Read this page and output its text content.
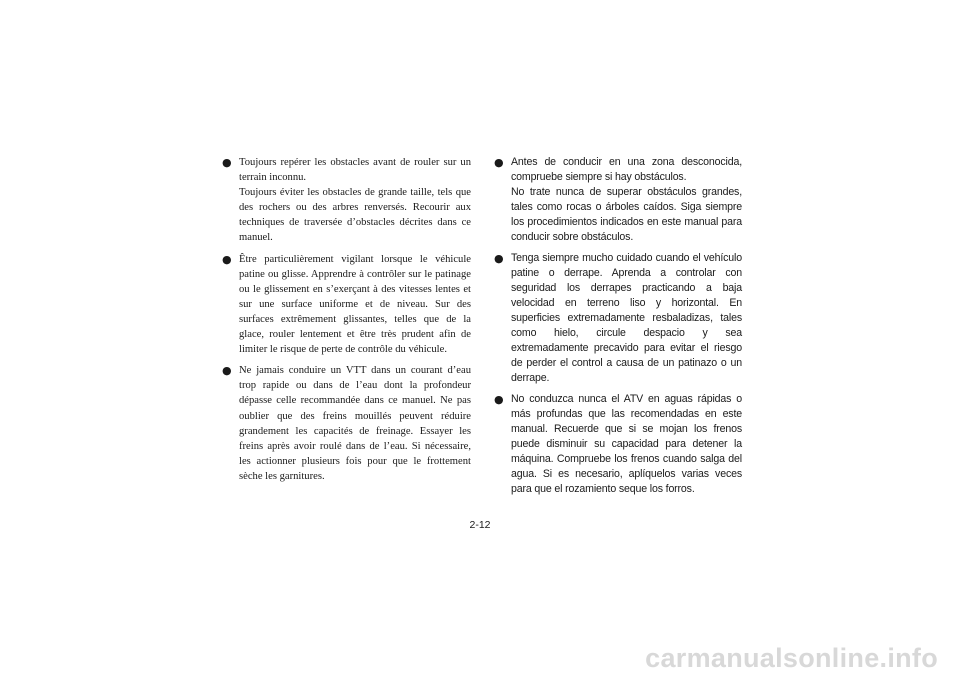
● Toujours repérer les obstacles avant de rouler sur un terrain inconnu.
Toujours éviter les obstacles de grande taille, tels que des rochers ou des arbres renversés. Recourir aux techniques de traversée d’obstacles décrites dans ce manuel.
● Être particulièrement vigilant lorsque le véhicule patine ou glisse. Apprendre à contrôler sur le patinage ou le glissement en s’exerçant à des vitesses lentes et sur une surface uniforme et de niveau. Sur des surfaces extrêmement glissantes, telles que de la glace, rouler lentement et être très prudent afin de limiter le risque de perte de contrôle du véhicule.
● Ne jamais conduire un VTT dans un courant d’eau trop rapide ou dans de l’eau dont la profondeur dépasse celle recommandée dans ce manuel. Ne pas oublier que des freins mouillés peuvent réduire grandement les capacités de freinage. Essayer les freins après avoir roulé dans de l’eau. Si nécessaire, les actionner plusieurs fois pour que le frottement sèche les garnitures.
● Antes de conducir en una zona desconocida, compruebe siempre si hay obstáculos.
No trate nunca de superar obstáculos grandes, tales como rocas o árboles caídos. Siga siempre los procedimientos indicados en este manual para conducir sobre obstáculos.
● Tenga siempre mucho cuidado cuando el vehículo patine o derrape. Aprenda a controlar con seguridad los derrapes practicando a baja velocidad en terreno liso y horizontal. En superficies extremadamente resbaladizas, tales como hielo, circule despacio y sea extremadamente precavido para evitar el riesgo de perder el control a causa de un patinazo o un derrape.
● No conduzca nunca el ATV en aguas rápidas o más profundas que las recomendadas en este manual. Recuerde que si se mojan los frenos puede disminuir su capacidad para detener la máquina. Compruebe los frenos cuando salga del agua. Si es necesario, aplíquelos varias veces para que el rozamiento seque los forros.
2-12
carmanualsonline.info
